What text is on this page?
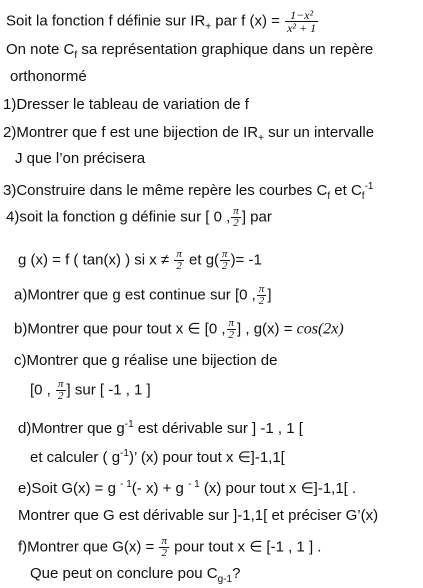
Soit la fonction f définie sur $IR_+$ par f $(x) = \frac{\text{1−x²}}{\text{x² + 1}}$
On note $C_f$ sa représentation graphique dans un repère
orthonormé
1)Dresser le tableau de variation de f
2)Montrer que f est une bijection de $IR_+$ sur un intervalle
J que l’on précisera
3)Construire dans le même repère les courbes $C_f$ et $C_f^{-1}$
4)soit la fonction g définie sur [ 0 , $\frac{\pi}{2}$ ] par
g (x) = f ( tan(x) ) si $x \ne \frac{\pi}{2}$ et $g( \frac{\pi}{2}$ )= -1
a)Montrer que g est continue sur [0 , $\frac{\pi}{2}$ ]
b)Montrer que pour tout x ∈ [0 , $\frac{\pi}{2}$ ] , g(x) = cos(2x)
c)Montrer que g réalise une bijection de
[0 , $\frac{\pi}{2}$ ] sur [ -1 , 1 ]
d)Montrer que $g^{-1}$ est dérivable sur ] -1 , 1 [
et calculer ( $g^{-1}$)’ (x) pour tout x ∈]-1,1[
e)Soit G(x) = g $^{- 1}$(- x) + g $^{- 1}$ (x) pour tout x ∈]-1,1[ .
Montrer que G est dérivable sur ]-1,1[ et préciser G’(x)
f)Montrer que $G(x) = \frac{\pi}{2}$ pour tout x ∈ [-1 , 1 ] .
Que peut on conclure pou $C_{g-1}$?
